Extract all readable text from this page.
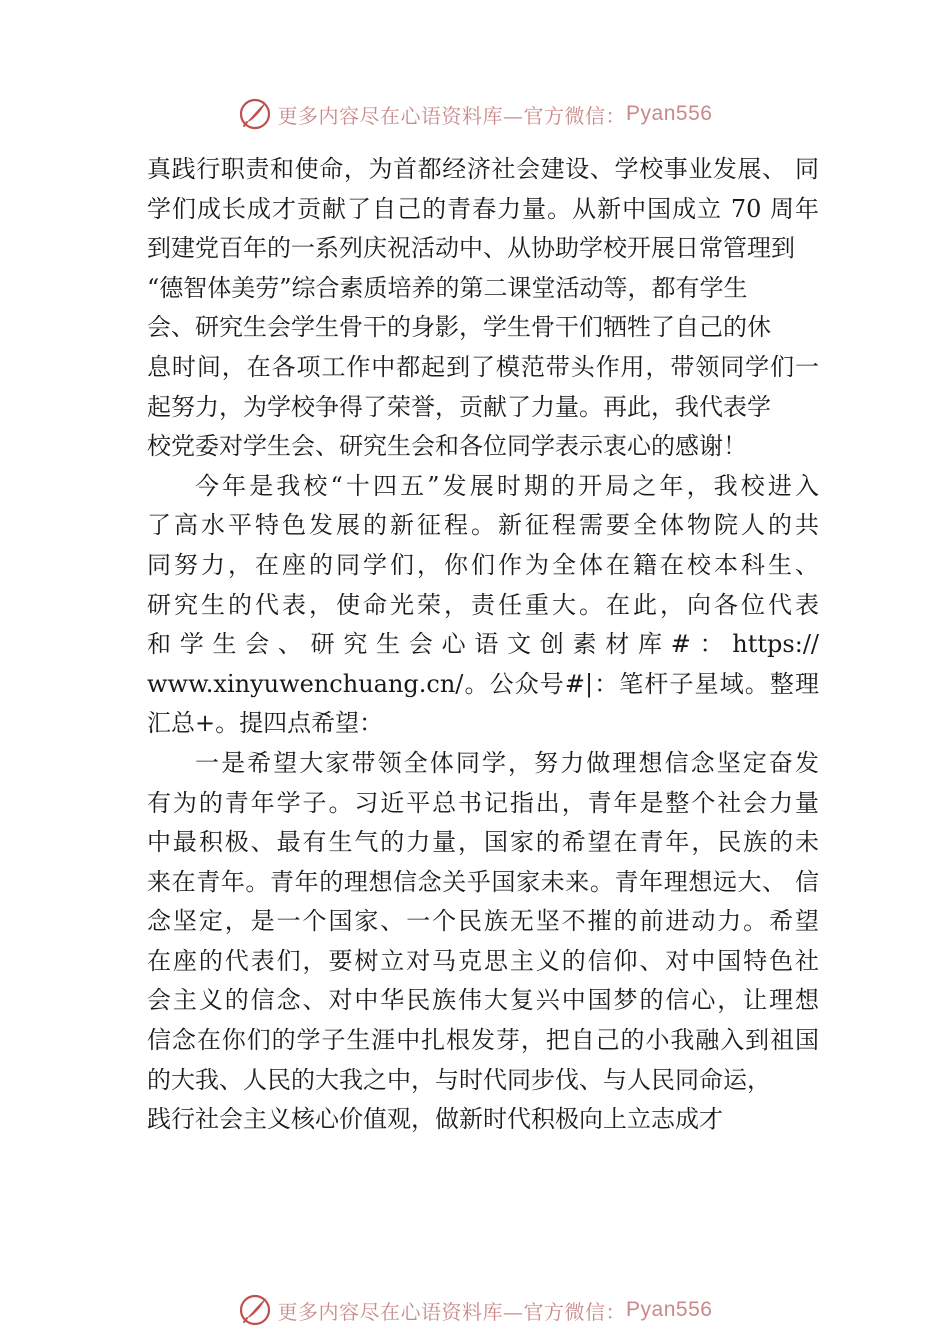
更多内容尽在心语资料库—官方微信： Pyan556
真践行职责和使命，为首都经济社会建设、学校事业发展、 同
学们成长成才贡献了自己的青春力量。从新中国成立 70 周年
到建党百年的一系列庆祝活动中、从协助学校开展日常管理到
“德智体美劳”综合素质培养的第二课堂活动等，都有学生
会、研究生会学生骨干的身影，学生骨干们牺牲了自己的休
息时间，在各项工作中都起到了模范带头作用，带领同学们一
起努力，为学校争得了荣誉，贡献了力量。再此，我代表学
校党委对学生会、研究生会和各位同学表示衷心的感谢！
今年是我校“十四五”发展时期的开局之年，我校进入
了高水平特色发展的新征程。新征程需要全体物院人的共
同努力，在座的同学们，你们作为全体在籍在校本科生、
研究生的代表，使命光荣，责任重大。在此，向各位代表
和学生会、研究生会心语文创素材库#：https://
www.xinyuwenchuang.cn/。公众号#|：笔杆子星域。整理
汇总+。提四点希望：
一是希望大家带领全体同学，努力做理想信念坚定奋发
有为的青年学子。习近平总书记指出，青年是整个社会力量
中最积极、最有生气的力量，国家的希望在青年，民族的未
来在青年。青年的理想信念关乎国家未来。青年理想远大、 信
念坚定，是一个国家、一个民族无坚不摧的前进动力。希望
在座的代表们，要树立对马克思主义的信仰、对中国特色社
会主义的信念、对中华民族伟大复兴中国梦的信心，让理想
信念在你们的学子生涯中扎根发芽，把自己的小我融入到祖国
的大我、人民的大我之中，与时代同步伐、与人民同命运，
践行社会主义核心价值观，做新时代积极向上立志成才
更多内容尽在心语资料库—官方微信： Pyan556
